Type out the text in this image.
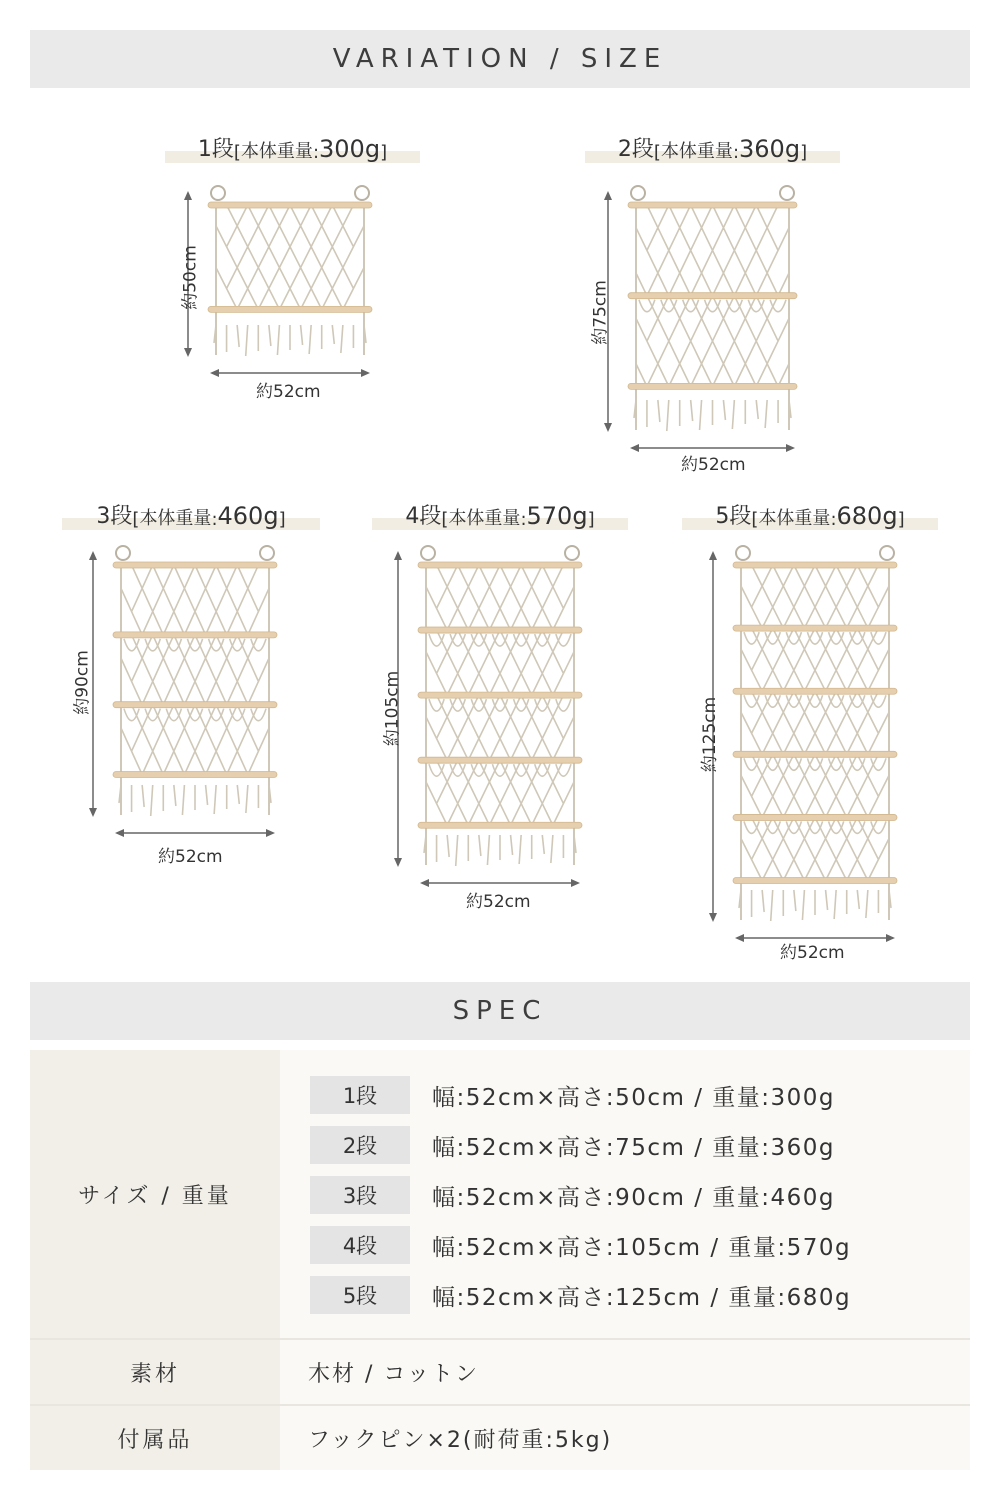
VARIATION / SIZE
1段 [ 本体重量 : 300g ]
約50cm
約52cm
2段 [ 本体重量 : 360g ]
約75cm
約52cm
3段 [ 本体重量 : 460g ]
約90cm
約52cm
4段 [ 本体重量 : 570g ]
約105cm
約52cm
5段 [ 本体重量 : 680g ]
約125cm
約52cm
SPEC
サイズ / 重量
1段	幅:52cm×高さ:50cm / 重量:300g
2段	幅:52cm×高さ:75cm / 重量:360g
3段	幅:52cm×高さ:90cm / 重量:460g
4段	幅:52cm×高さ:105cm / 重量:570g
5段	幅:52cm×高さ:125cm / 重量:680g
素材	木材 / コットン
付属品	フックピン×2(耐荷重:5kg)
